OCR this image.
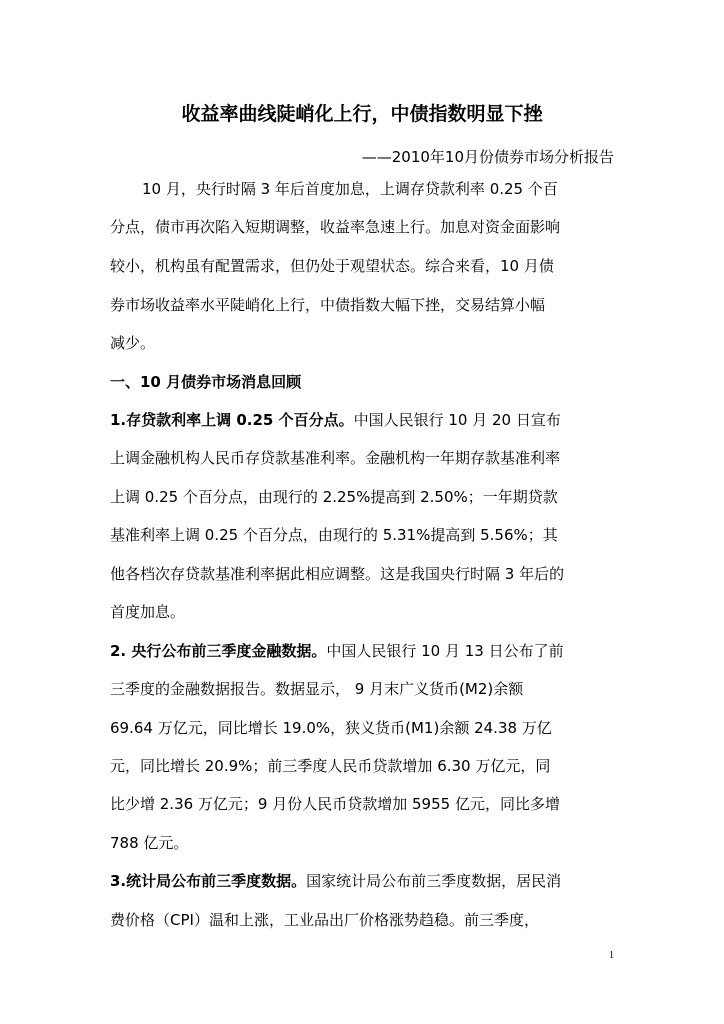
收益率曲线陡峭化上行，中债指数明显下挫
——2010年10月份债券市场分析报告
10 月，央行时隔 3 年后首度加息，上调存贷款利率 0.25 个百
分点，债市再次陷入短期调整，收益率急速上行。加息对资金面影响
较小，机构虽有配置需求，但仍处于观望状态。综合来看，10 月债
券市场收益率水平陡峭化上行，中债指数大幅下挫，交易结算小幅
减少。
一、10 月债券市场消息回顾
1.存贷款利率上调 0.25 个百分点。中国人民银行 10 月 20 日宣布
上调金融机构人民币存贷款基准利率。金融机构一年期存款基准利率
上调 0.25 个百分点，由现行的 2.25%提高到 2.50%；一年期贷款
基准利率上调 0.25 个百分点，由现行的 5.31%提高到 5.56%；其
他各档次存贷款基准利率据此相应调整。这是我国央行时隔 3 年后的
首度加息。
2. 央行公布前三季度金融数据。中国人民银行 10 月 13 日公布了前
三季度的金融数据报告。数据显示， 9 月末广义货币(M2)余额
69.64 万亿元，同比增长 19.0%，狭义货币(M1)余额 24.38 万亿
元，同比增长 20.9%；前三季度人民币贷款增加 6.30 万亿元，同
比少增 2.36 万亿元；9 月份人民币贷款增加 5955 亿元，同比多增
788 亿元。
3.统计局公布前三季度数据。国家统计局公布前三季度数据，居民消
费价格（CPI）温和上涨，工业品出厂价格涨势趋稳。前三季度，
1
